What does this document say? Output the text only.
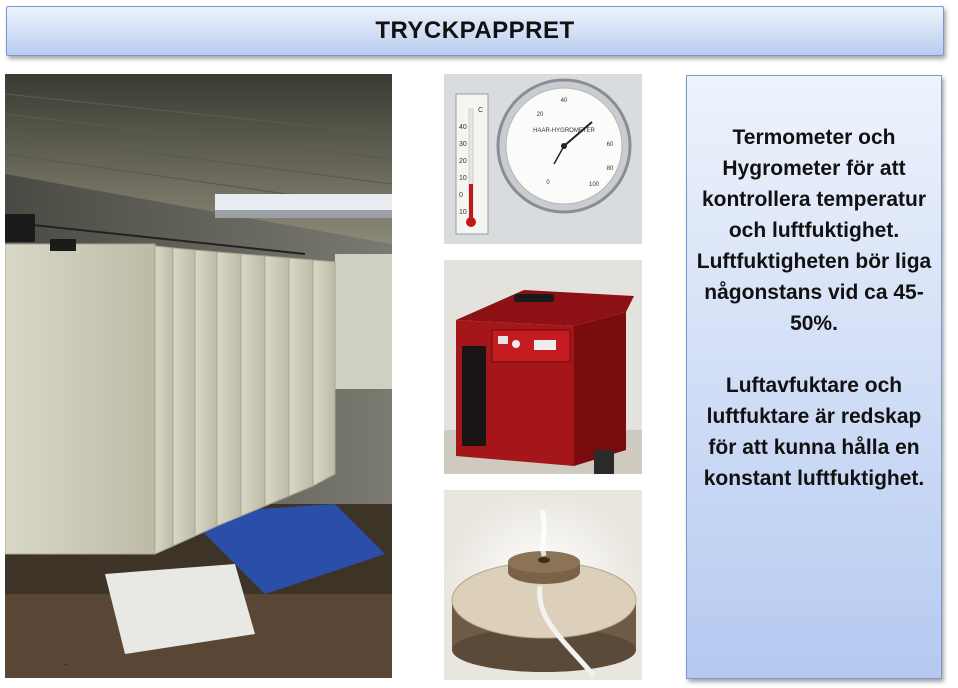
TRYCKPAPPRET
C
40
30
20
10
0
10
HAAR-HYGROMETER
0
20
40
60
80
100

Termometer och Hygrometer för att kontrollera temperatur och luftfuktighet. Luftfuktigheten bör liga någonstans vid ca 45-50%.

Luftavfuktare och luftfuktare är redskap för att kunna hålla en konstant luftfuktighet.
